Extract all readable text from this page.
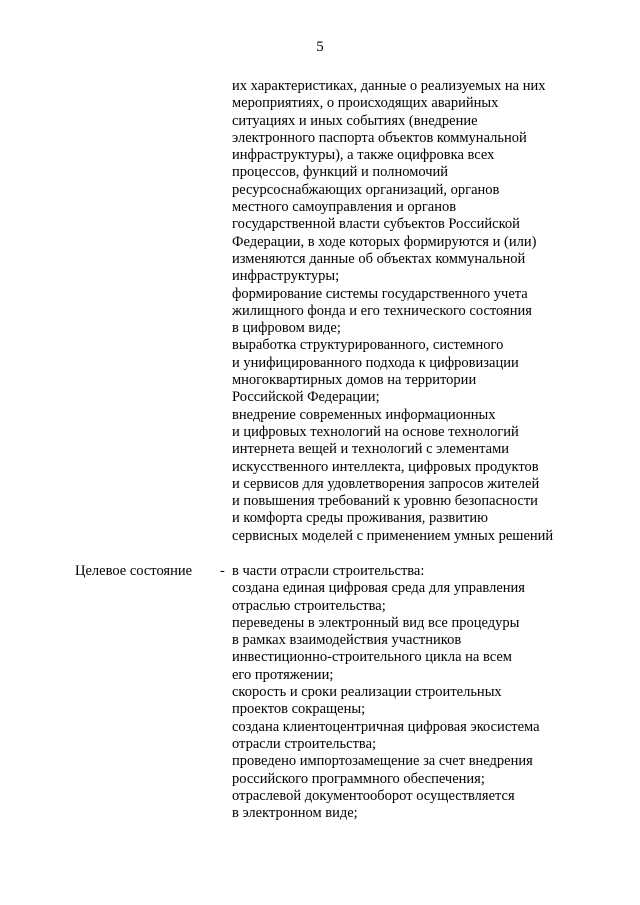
5
их характеристиках, данные о реализуемых на них
мероприятиях, о происходящих аварийных
ситуациях и иных событиях (внедрение
электронного паспорта объектов коммунальной
инфраструктуры), а также оцифровка всех
процессов, функций и полномочий
ресурсоснабжающих организаций, органов
местного самоуправления и органов
государственной власти субъектов Российской
Федерации, в ходе которых формируются и (или)
изменяются данные об объектах коммунальной
инфраструктуры;
формирование системы государственного учета
жилищного фонда и его технического состояния
в цифровом виде;
выработка структурированного, системного
и унифицированного подхода к цифровизации
многоквартирных домов на территории
Российской Федерации;
внедрение современных информационных
и цифровых технологий на основе технологий
интернета вещей и технологий с элементами
искусственного интеллекта, цифровых продуктов
и сервисов для удовлетворения запросов жителей
и повышения требований к уровню безопасности
и комфорта среды проживания, развитию
сервисных моделей с применением умных решений
Целевое состояние - в части отрасли строительства:
создана единая цифровая среда для управления
отраслью строительства;
переведены в электронный вид все процедуры
в рамках взаимодействия участников
инвестиционно-строительного цикла на всем
его протяжении;
скорость и сроки реализации строительных
проектов сокращены;
создана клиентоцентричная цифровая экосистема
отрасли строительства;
проведено импортозамещение за счет внедрения
российского программного обеспечения;
отраслевой документооборот осуществляется
в электронном виде;
